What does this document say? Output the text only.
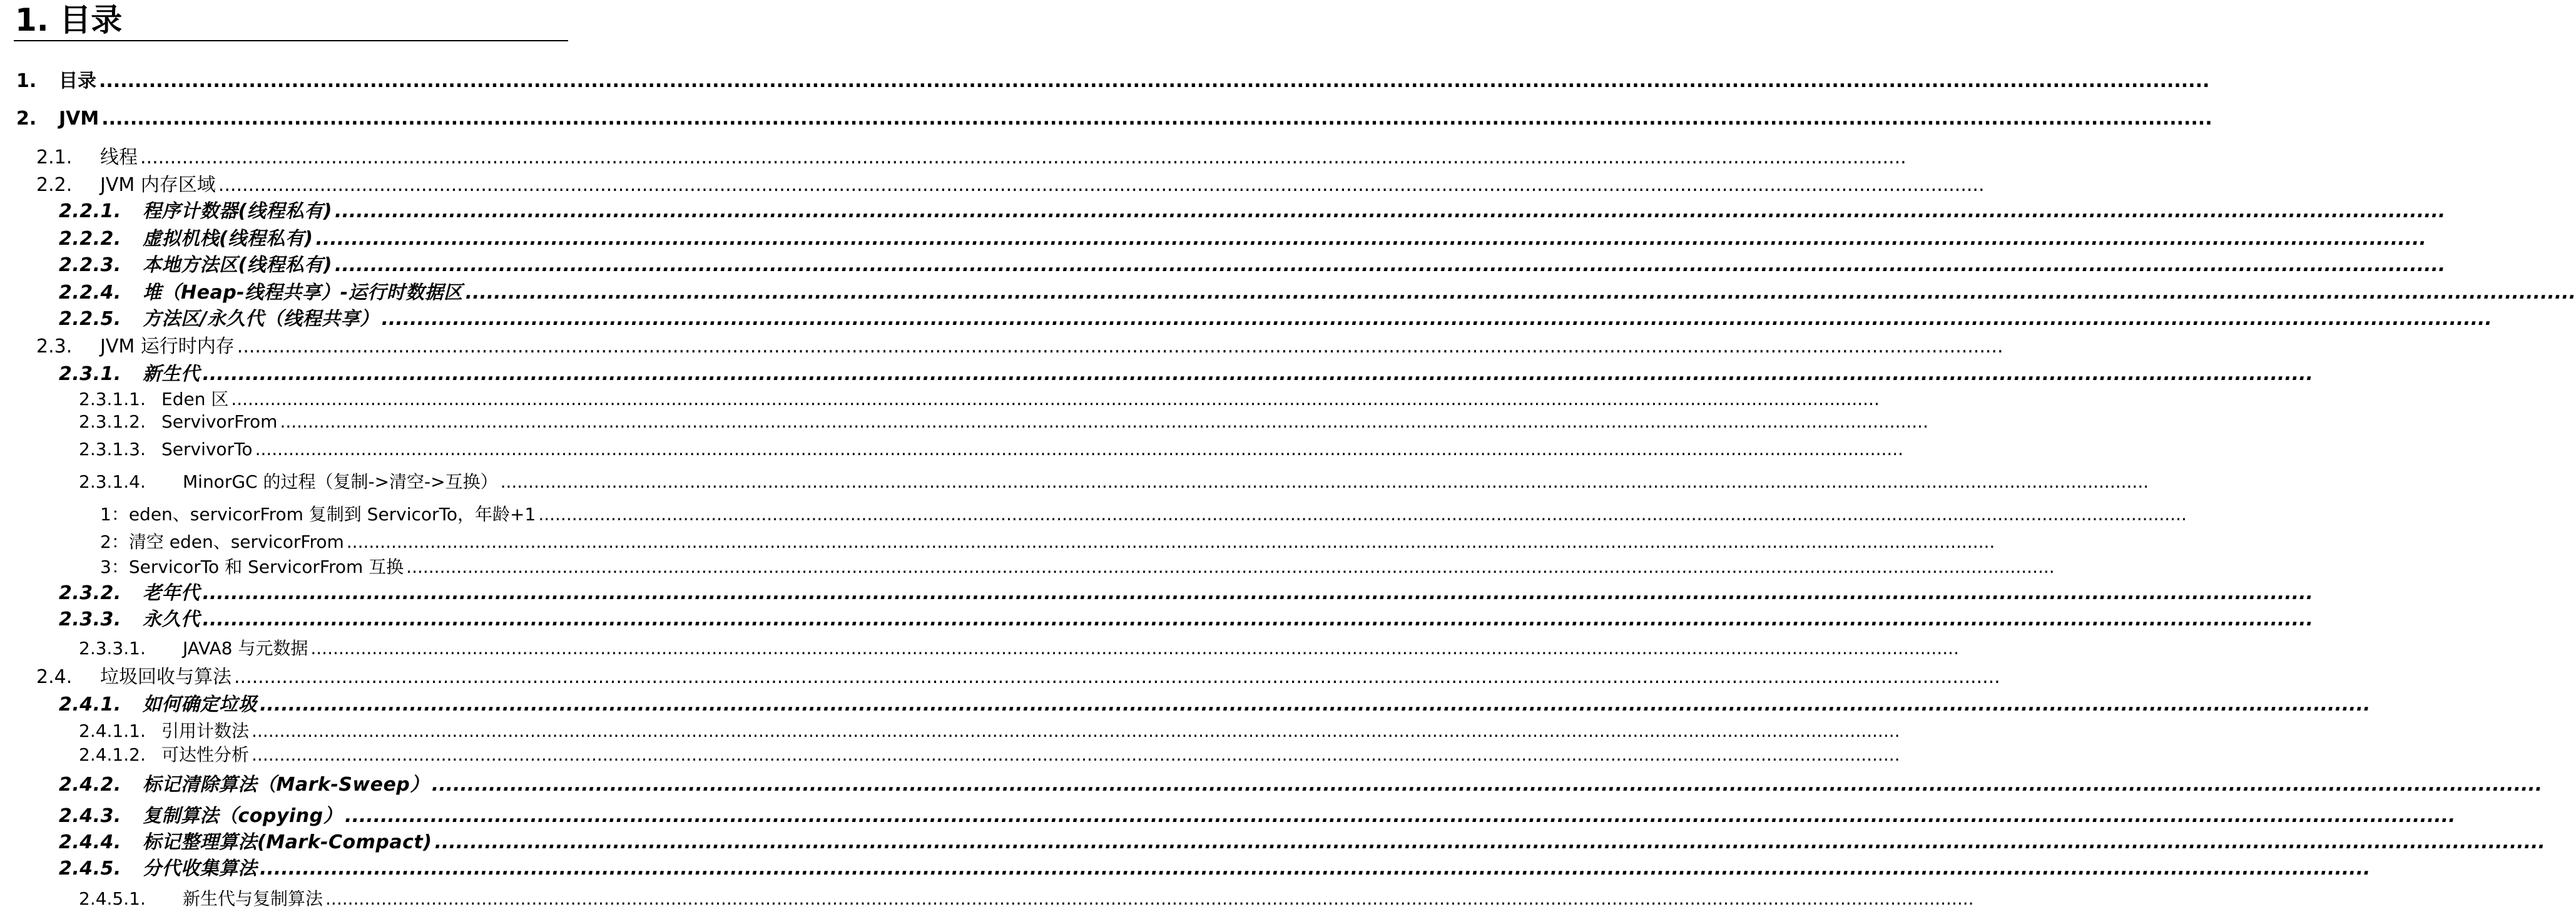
1. 目录
1. 目录 ........................................................................................................................................................................................................................................................................................................
2. JVM ........................................................................................................................................................................................................................................................................................................
2.1. 线程 ........................................................................................................................................................................................................................................................................................................
2.2. JVM 内存区域 ........................................................................................................................................................................................................................................................................................................
2.2.1. 程序计数器(线程私有) ........................................................................................................................................................................................................................................................................................................
2.2.2. 虚拟机栈(线程私有) ........................................................................................................................................................................................................................................................................................................
2.2.3. 本地方法区(线程私有) ........................................................................................................................................................................................................................................................................................................
2.2.4. 堆（Heap-线程共享）-运行时数据区 ........................................................................................................................................................................................................................................................................................................
2.2.5. 方法区/永久代（线程共享） ........................................................................................................................................................................................................................................................................................................
2.3. JVM 运行时内存 ........................................................................................................................................................................................................................................................................................................
2.3.1. 新生代 ........................................................................................................................................................................................................................................................................................................
2.3.1.1. Eden 区 ........................................................................................................................................................................................................................................................................................................
2.3.1.2. ServivorFrom ........................................................................................................................................................................................................................................................................................................
2.3.1.3. ServivorTo ........................................................................................................................................................................................................................................................................................................
2.3.1.4. MinorGC 的过程（复制->清空->互换） ........................................................................................................................................................................................................................................................................................................
1：eden、servicorFrom 复制到 ServicorTo，年龄+1 ........................................................................................................................................................................................................................................................................................................
2：清空 eden、servicorFrom ........................................................................................................................................................................................................................................................................................................
3：ServicorTo 和 ServicorFrom 互换 ........................................................................................................................................................................................................................................................................................................
2.3.2. 老年代 ........................................................................................................................................................................................................................................................................................................
2.3.3. 永久代 ........................................................................................................................................................................................................................................................................................................
2.3.3.1. JAVA8 与元数据 ........................................................................................................................................................................................................................................................................................................
2.4. 垃圾回收与算法 ........................................................................................................................................................................................................................................................................................................
2.4.1. 如何确定垃圾 ........................................................................................................................................................................................................................................................................................................
2.4.1.1. 引用计数法 ........................................................................................................................................................................................................................................................................................................
2.4.1.2. 可达性分析 ........................................................................................................................................................................................................................................................................................................
2.4.2. 标记清除算法（Mark-Sweep） ........................................................................................................................................................................................................................................................................................................
2.4.3. 复制算法（copying） ........................................................................................................................................................................................................................................................................................................
2.4.4. 标记整理算法(Mark-Compact) ........................................................................................................................................................................................................................................................................................................
2.4.5. 分代收集算法 ........................................................................................................................................................................................................................................................................................................
2.4.5.1. 新生代与复制算法 ........................................................................................................................................................................................................................................................................................................
